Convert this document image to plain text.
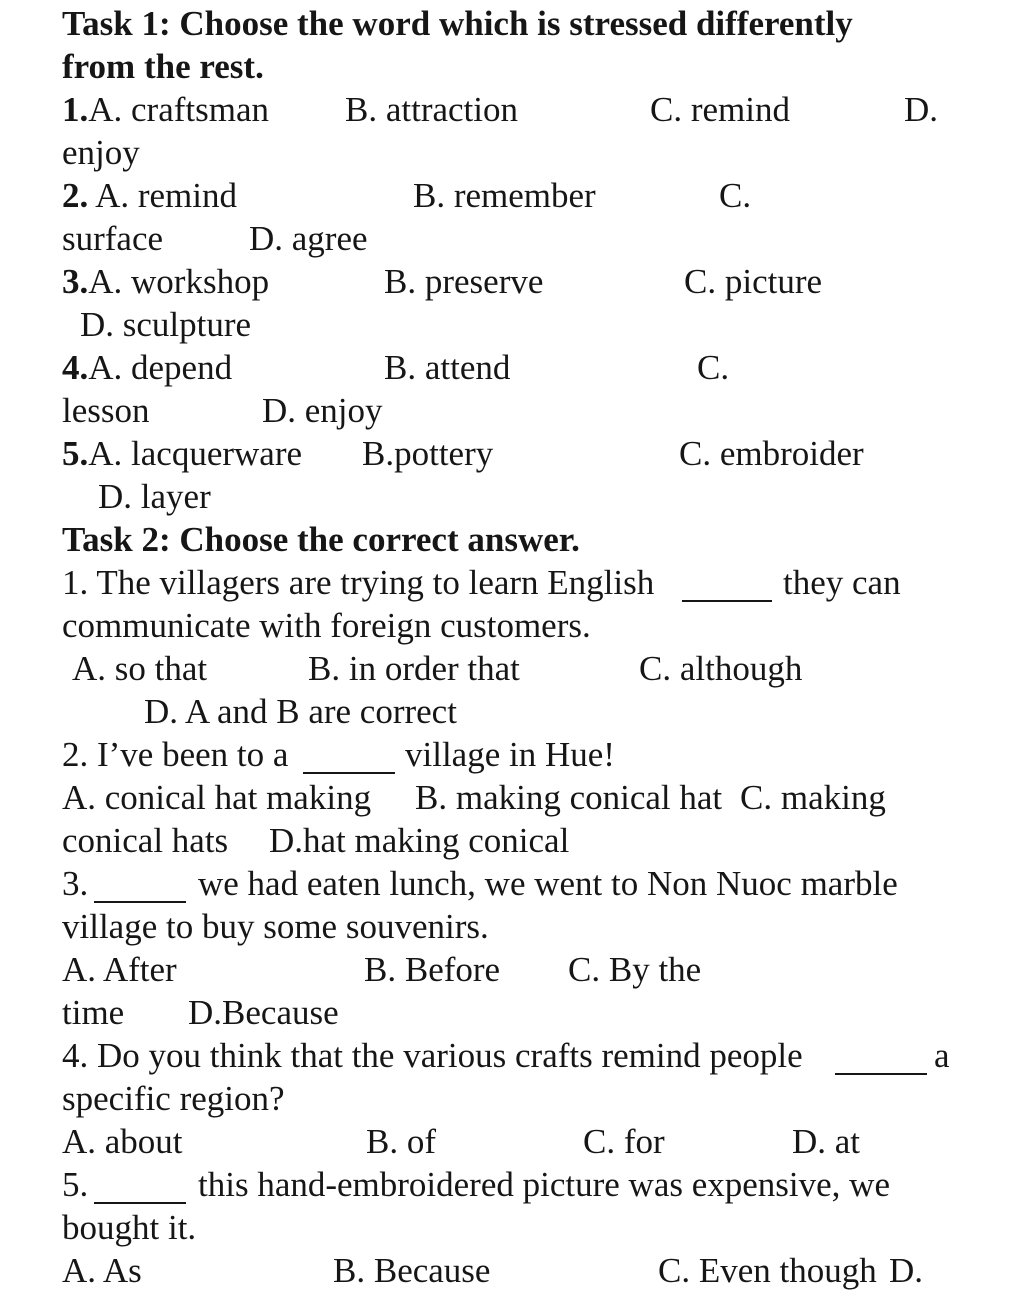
Task 1: Choose the word which is stressed differently
from the rest.
1.A. craftsman B. attraction	C. remind	D.
enjoy
2. A. remind	B. remember	C.
surface D. agree
3.A. workshop	B. preserve	C. picture
D. sculpture
4.A. depend	B. attend	C.
lesson	D. enjoy
5.A. lacquerware B.pottery	C. embroider
D. layer
Task 2: Choose the correct answer.
1. The villagers are trying to learn English	they can
communicate with foreign customers.
A. so that	B. in order that	C. although
D. A and B are correct
2. I’ve been to a	village in Hue!
A. conical hat making B. making conical hat C. making
conical hats D.hat making conical
3.	we had eaten lunch, we went to Non Nuoc marble
village to buy some souvenirs.
A. After	B. Before C. By the
time D.Because
4. Do you think that the various crafts remind people	a
specific region?
A. about	B. of	C. for	D. at
5.	this hand-embroidered picture was expensive, we
bought it.
A. As	B. Because	C. Even though D.
